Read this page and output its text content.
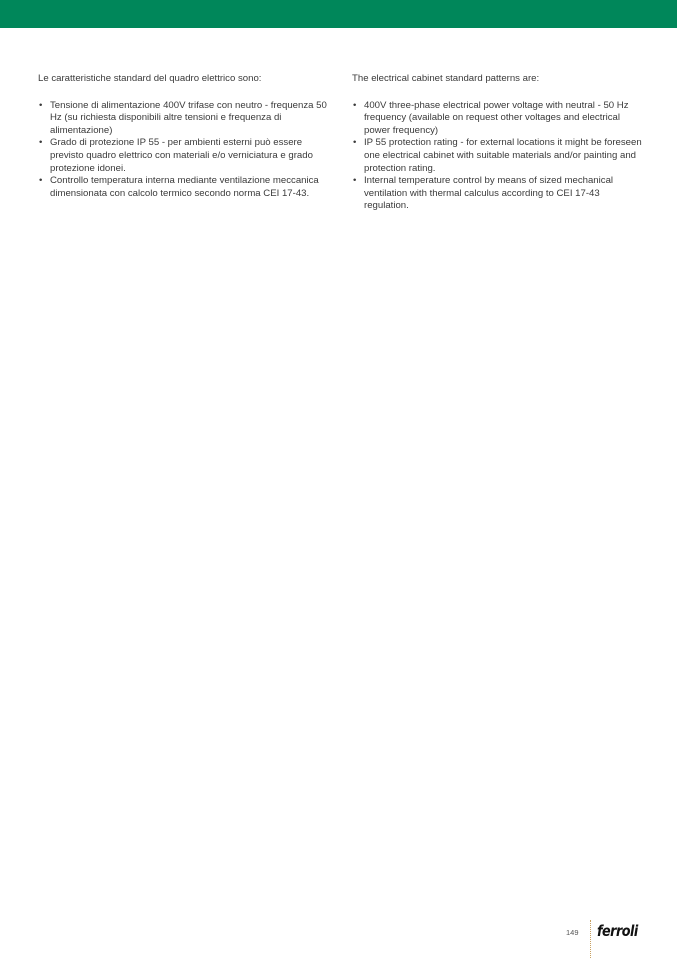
Le caratteristiche standard del quadro elettrico sono:

• Tensione di alimentazione 400V trifase con neutro - frequenza 50 Hz (su richiesta disponibili altre tensioni e frequenza di alimentazione)
• Grado di protezione IP 55 - per ambienti esterni può essere previsto quadro elettrico con materiali e/o verniciatura e grado protezione idonei.
• Controllo temperatura interna mediante ventilazione meccanica dimensionata con calcolo termico secondo norma CEI 17-43.

The electrical cabinet standard patterns are:

• 400V three-phase electrical power voltage with neutral - 50 Hz frequency (available on request other voltages and electrical power frequency)
• IP 55 protection rating - for external locations it might be foreseen one electrical cabinet with suitable materials and/or painting and protection rating.
• Internal temperature control by means of sized mechanical ventilation with thermal calculus according to CEI 17-43 regulation.
149 ferroli
